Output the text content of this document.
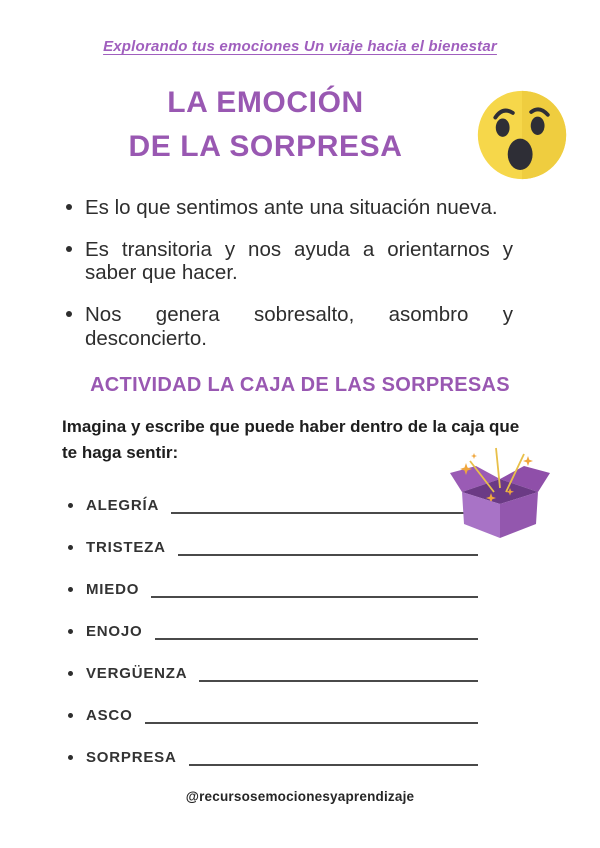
Explorando tus emociones Un viaje hacia el bienestar
LA EMOCIÓN
DE LA SORPRESA
Es lo que sentimos ante una situación nueva.
Es transitoria y nos ayuda a orientarnos y saber que hacer.
Nos genera sobresalto, asombro y desconcierto.
ACTIVIDAD LA CAJA DE LAS SORPRESAS
Imagina y escribe que puede haber dentro de la caja que te haga sentir:
ALEGRÍA
TRISTEZA
MIEDO
ENOJO
VERGÜENZA
ASCO
SORPRESA
@recursosemocionesyaprendizaje
